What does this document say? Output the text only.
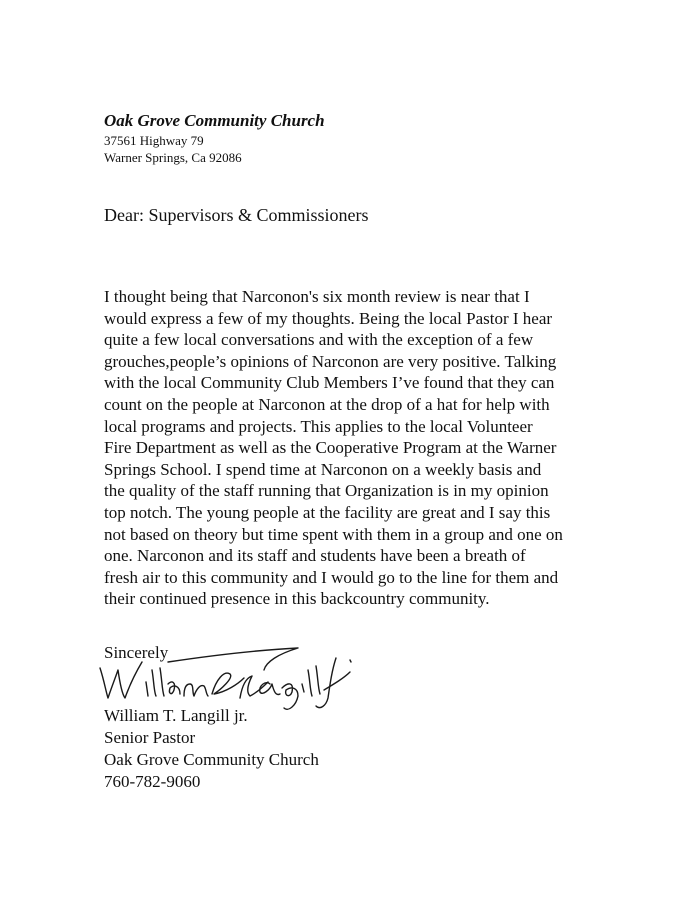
Oak Grove Community Church

37561 Highway 79

Warner Springs, Ca 92086

Dear: Supervisors & Commissioners

I thought being that Narconon's six month review is near that I
would express a few of my thoughts. Being the local Pastor I hear
quite a few local conversations and with the exception of a few
grouches,people’s opinions of Narconon are very positive. Talking
with the local Community Club Members I’ve found that they can
count on the people at Narconon at the drop of a hat for help with
local programs and projects. This applies to the local Volunteer
Fire Department as well as the Cooperative Program at the Warner
Springs School. I spend time at Narconon on a weekly basis and
the quality of the staff running that Organization is in my opinion
top notch. The young people at the facility are great and I say this
not based on theory but time spent with them in a group and one on
one. Narconon and its staff and students have been a breath of
fresh air to this community and I would go to the line for them and
their continued presence in this backcountry community.

Sincerely

William T. Langill jr.
Senior Pastor
Oak Grove Community Church
760-782-9060
